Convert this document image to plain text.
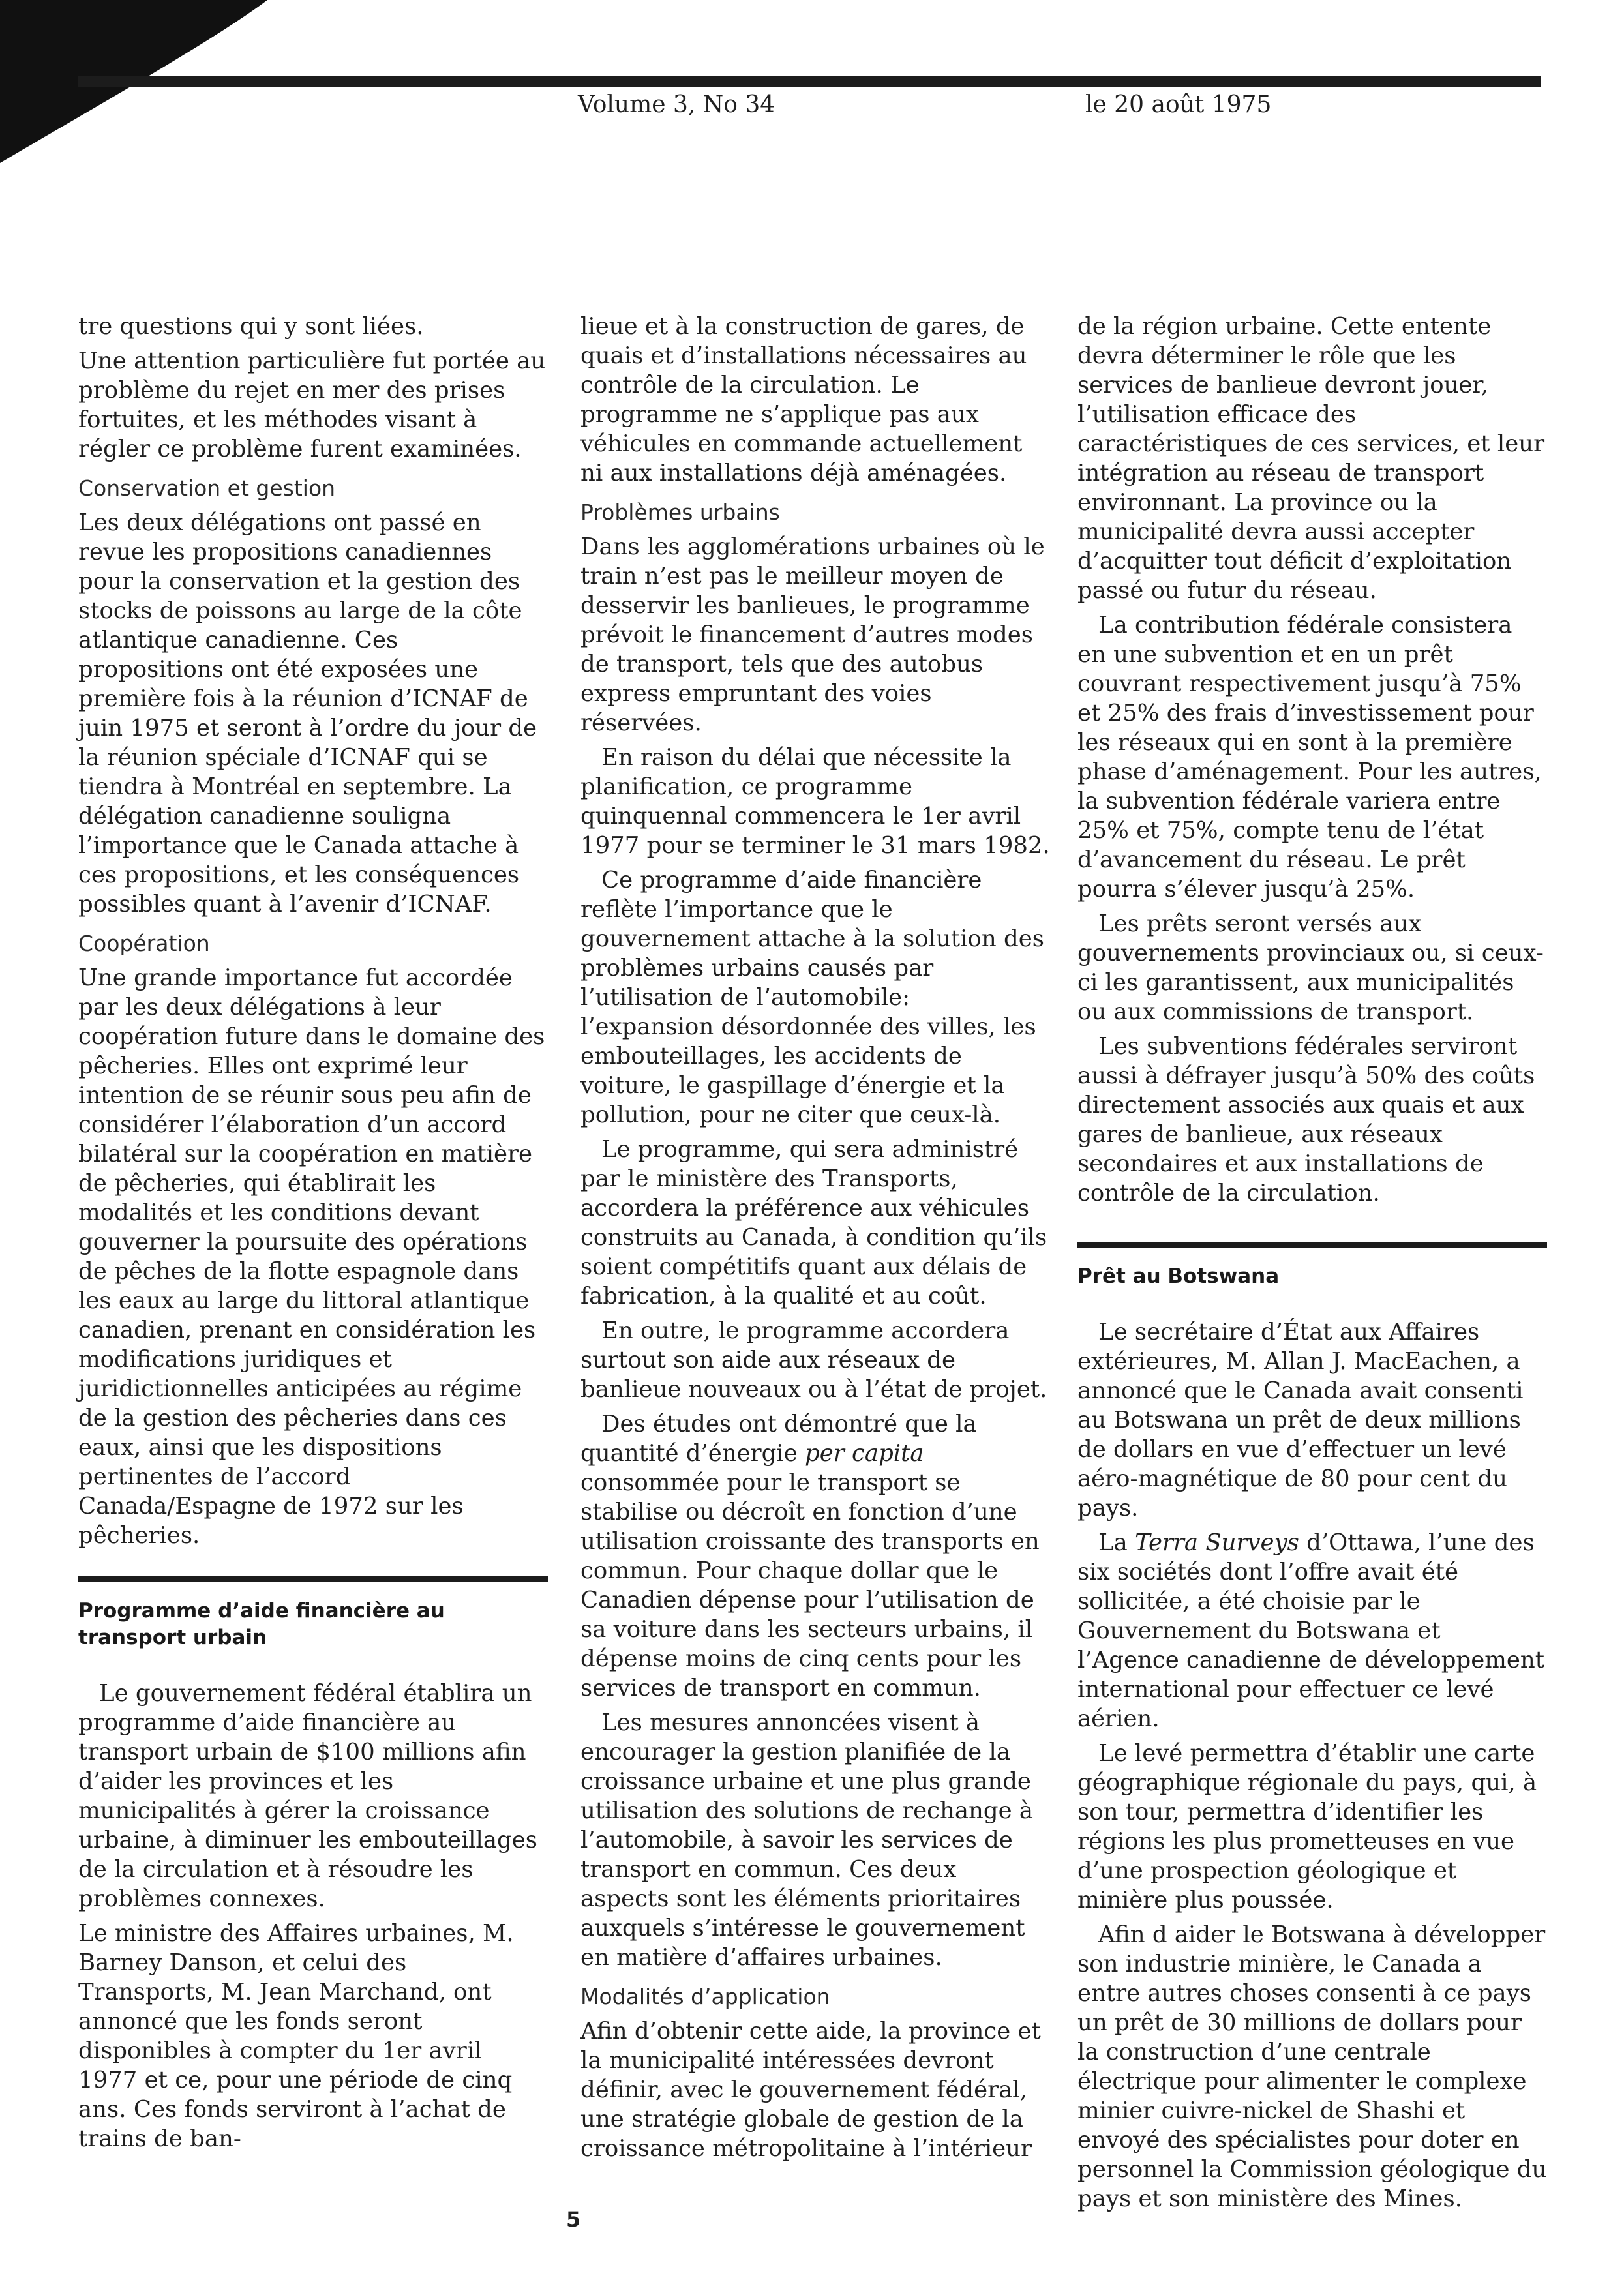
Volume 3, No 34	le 20 août 1975

tre questions qui y sont liées.

Une attention particulière fut portée au problème du rejet en mer des prises fortuites, et les méthodes visant à régler ce problème furent examinées.

Conservation et gestion

Les deux délégations ont passé en revue les propositions canadiennes pour la conservation et la gestion des stocks de poissons au large de la côte atlantique canadienne. Ces propositions ont été exposées une première fois à la réunion d’ICNAF de juin 1975 et seront à l’ordre du jour de la réunion spéciale d’ICNAF qui se tiendra à Montréal en septembre. La délégation canadienne souligna l’importance que le Canada attache à ces propositions, et les conséquences possibles quant à l’avenir d’ICNAF.

Coopération

Une grande importance fut accordée par les deux délégations à leur coopération future dans le domaine des pêcheries. Elles ont exprimé leur intention de se réunir sous peu afin de considérer l’élaboration d’un accord bilatéral sur la coopération en matière de pêcheries, qui établirait les modalités et les conditions devant gouverner la poursuite des opérations de pêches de la flotte espagnole dans les eaux au large du littoral atlantique canadien, prenant en considération les modifications juridiques et juridictionnelles anticipées au régime de la gestion des pêcheries dans ces eaux, ainsi que les dispositions pertinentes de l’accord Canada/Espagne de 1972 sur les pêcheries.

Programme d’aide financière au transport urbain

Le gouvernement fédéral établira un programme d’aide financière au transport urbain de $100 millions afin d’aider les provinces et les municipalités à gérer la croissance urbaine, à diminuer les embouteillages de la circulation et à résoudre les problèmes connexes.

Le ministre des Affaires urbaines, M. Barney Danson, et celui des Transports, M. Jean Marchand, ont annoncé que les fonds seront disponibles à compter du 1er avril 1977 et ce, pour une période de cinq ans. Ces fonds serviront à l’achat de trains de ban-

lieue et à la construction de gares, de quais et d’installations nécessaires au contrôle de la circulation. Le programme ne s’applique pas aux véhicules en commande actuellement ni aux installations déjà aménagées.

Problèmes urbains

Dans les agglomérations urbaines où le train n’est pas le meilleur moyen de desservir les banlieues, le programme prévoit le financement d’autres modes de transport, tels que des autobus express empruntant des voies réservées.

En raison du délai que nécessite la planification, ce programme quinquennal commencera le 1er avril 1977 pour se terminer le 31 mars 1982.

Ce programme d’aide financière reflète l’importance que le gouvernement attache à la solution des problèmes urbains causés par l’utilisation de l’automobile: l’expansion désordonnée des villes, les embouteillages, les accidents de voiture, le gaspillage d’énergie et la pollution, pour ne citer que ceux-là.

Le programme, qui sera administré par le ministère des Transports, accordera la préférence aux véhicules construits au Canada, à condition qu’ils soient compétitifs quant aux délais de fabrication, à la qualité et au coût.

En outre, le programme accordera surtout son aide aux réseaux de banlieue nouveaux ou à l’état de projet.

Des études ont démontré que la quantité d’énergie per capita consommée pour le transport se stabilise ou décroît en fonction d’une utilisation croissante des transports en commun. Pour chaque dollar que le Canadien dépense pour l’utilisation de sa voiture dans les secteurs urbains, il dépense moins de cinq cents pour les services de transport en commun.

Les mesures annoncées visent à encourager la gestion planifiée de la croissance urbaine et une plus grande utilisation des solutions de rechange à l’automobile, à savoir les services de transport en commun. Ces deux aspects sont les éléments prioritaires auxquels s’intéresse le gouvernement en matière d’affaires urbaines.

Modalités d’application

Afin d’obtenir cette aide, la province et la municipalité intéressées devront définir, avec le gouvernement fédéral, une stratégie globale de gestion de la croissance métropolitaine à l’intérieur

de la région urbaine. Cette entente devra déterminer le rôle que les services de banlieue devront jouer, l’utilisation efficace des caractéristiques de ces services, et leur intégration au réseau de transport environnant. La province ou la municipalité devra aussi accepter d’acquitter tout déficit d’exploitation passé ou futur du réseau.

La contribution fédérale consistera en une subvention et en un prêt couvrant respectivement jusqu’à 75% et 25% des frais d’investissement pour les réseaux qui en sont à la première phase d’aménagement. Pour les autres, la subvention fédérale variera entre 25% et 75%, compte tenu de l’état d’avancement du réseau. Le prêt pourra s’élever jusqu’à 25%.

Les prêts seront versés aux gouvernements provinciaux ou, si ceux-ci les garantissent, aux municipalités ou aux commissions de transport.

Les subventions fédérales serviront aussi à défrayer jusqu’à 50% des coûts directement associés aux quais et aux gares de banlieue, aux réseaux secondaires et aux installations de contrôle de la circulation.

Prêt au Botswana

Le secrétaire d’État aux Affaires extérieures, M. Allan J. MacEachen, a annoncé que le Canada avait consenti au Botswana un prêt de deux millions de dollars en vue d’effectuer un levé aéro-magnétique de 80 pour cent du pays.

La Terra Surveys d’Ottawa, l’une des six sociétés dont l’offre avait été sollicitée, a été choisie par le Gouvernement du Botswana et l’Agence canadienne de développement international pour effectuer ce levé aérien.

Le levé permettra d’établir une carte géographique régionale du pays, qui, à son tour, permettra d’identifier les régions les plus prometteuses en vue d’une prospection géologique et minière plus poussée.

Afin d aider le Botswana à développer son industrie minière, le Canada a entre autres choses consenti à ce pays un prêt de 30 millions de dollars pour la construction d’une centrale électrique pour alimenter le complexe minier cuivre-nickel de Shashi et envoyé des spécialistes pour doter en personnel la Commission géologique du pays et son ministère des Mines.

5
